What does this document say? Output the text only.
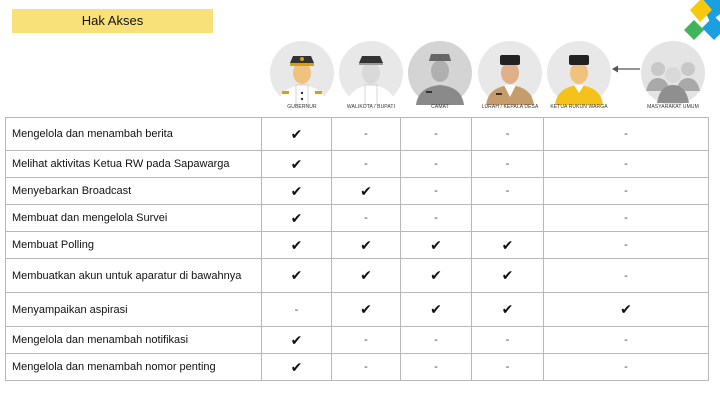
Hak Akses
GUBERNUR	WALIKOTA / BUPATI	CAMAT	LURAH / KEPALA DESA	KETUA RUKUN WARGA	MASYARAKAT UMUM
Mengelola dan menambah berita	✔	-	-	-	-
Melihat aktivitas Ketua RW pada Sapawarga	✔	-	-	-	-
Menyebarkan Broadcast	✔	✔	-	-	-
Membuat dan mengelola Survei	✔	-	-		-
Membuat Polling	✔	✔	✔	✔	-
Membuatkan akun untuk aparatur di bawahnya	✔	✔	✔	✔	-
Menyampaikan aspirasi	-	✔	✔	✔	✔
Mengelola dan menambah notifikasi	✔	-	-	-	-
Mengelola dan menambah nomor penting	✔	-	-	-	-
